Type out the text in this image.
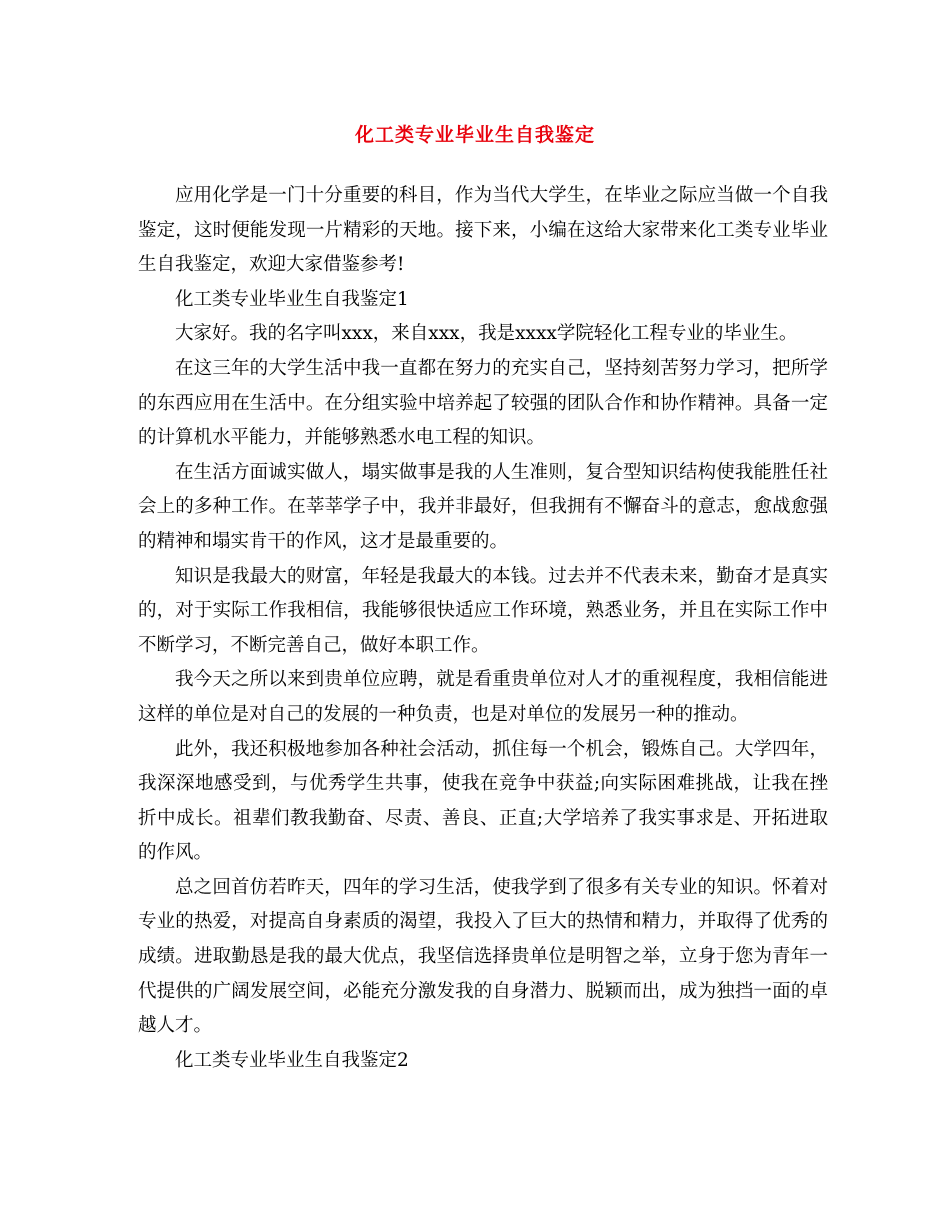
化工类专业毕业生自我鉴定

应用化学是一门十分重要的科目，作为当代大学生，在毕业之际应当做一个自我鉴定，这时便能发现一片精彩的天地。接下来，小编在这给大家带来化工类专业毕业生自我鉴定，欢迎大家借鉴参考!

化工类专业毕业生自我鉴定1

大家好。我的名字叫xxx，来自xxx，我是xxxx学院轻化工程专业的毕业生。

在这三年的大学生活中我一直都在努力的充实自己，坚持刻苦努力学习，把所学的东西应用在生活中。在分组实验中培养起了较强的团队合作和协作精神。具备一定的计算机水平能力，并能够熟悉水电工程的知识。

在生活方面诚实做人，塌实做事是我的人生准则，复合型知识结构使我能胜任社会上的多种工作。在莘莘学子中，我并非最好，但我拥有不懈奋斗的意志，愈战愈强的精神和塌实肯干的作风，这才是最重要的。

知识是我最大的财富，年轻是我最大的本钱。过去并不代表未来，勤奋才是真实的，对于实际工作我相信，我能够很快适应工作环境，熟悉业务，并且在实际工作中不断学习，不断完善自己，做好本职工作。

我今天之所以来到贵单位应聘，就是看重贵单位对人才的重视程度，我相信能进这样的单位是对自己的发展的一种负责，也是对单位的发展另一种的推动。

此外，我还积极地参加各种社会活动，抓住每一个机会，锻炼自己。大学四年，我深深地感受到，与优秀学生共事，使我在竞争中获益;向实际困难挑战，让我在挫折中成长。祖辈们教我勤奋、尽责、善良、正直;大学培养了我实事求是、开拓进取的作风。

总之回首仿若昨天，四年的学习生活，使我学到了很多有关专业的知识。怀着对专业的热爱，对提高自身素质的渴望，我投入了巨大的热情和精力，并取得了优秀的成绩。进取勤恳是我的最大优点，我坚信选择贵单位是明智之举，立身于您为青年一代提供的广阔发展空间，必能充分激发我的自身潜力、脱颖而出，成为独挡一面的卓越人才。

化工类专业毕业生自我鉴定2
